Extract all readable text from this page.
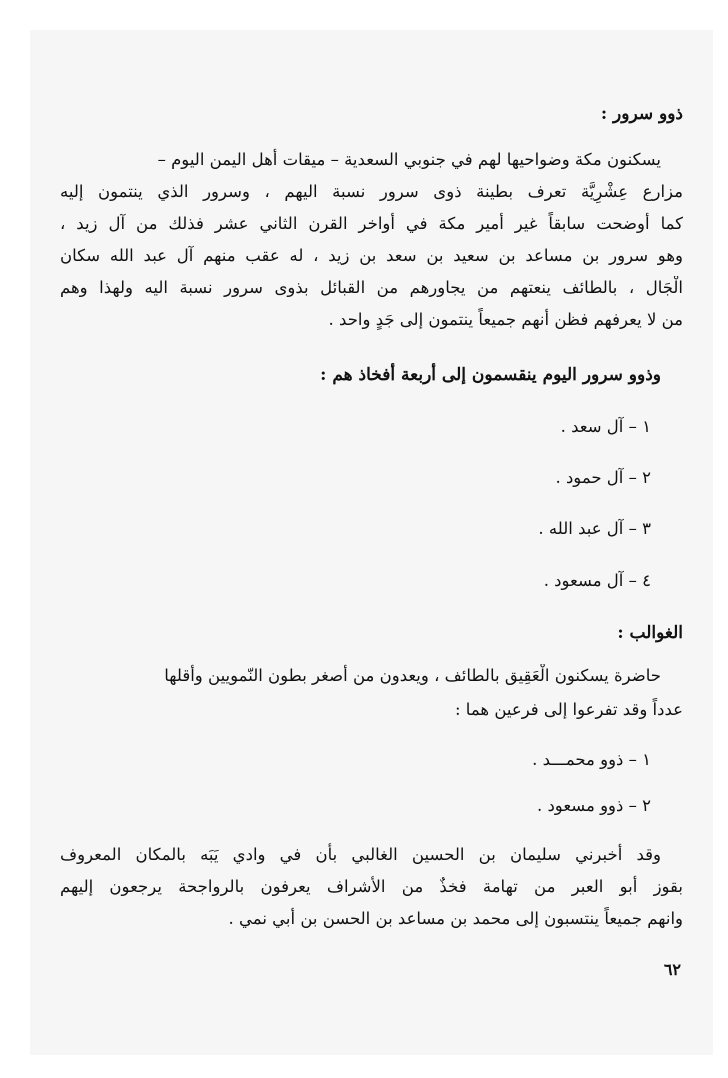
ذوو سرور :
يسكنون مكة وضواحيها لهم في جنوبي السعدية – ميقات أهل اليمن اليوم –
مزارع عِشْرِيَّة تعرف بطينة ذوى سرور نسبة اليهم ، وسرور الذي ينتمون إليه
كما أوضحت سابقاً غير أمير مكة في أواخر القرن الثاني عشر فذلك من آل زيد ،
وهو سرور بن مساعد بن سعيد بن سعد بن زيد ، له عقب منهم آل عبد الله سكان
الْجَال ، بالطائف ينعتهم من يجاورهم من القبائل بذوى سرور نسبة اليه ولهذا وهم
من لا يعرفهم فظن أنهم جميعاً ينتمون إلى جَدٍ واحد .
وذوو سرور اليوم ينقسمون إلى أربعة أفخاذ هم :
١ – آل سعد .
٢ – آل حمود .
٣ – آل عبد الله .
٤ – آل مسعود .
الغوالب :
حاضرة يسكنون الْعَقِيق بالطائف ، ويعدون من أصغر بطون النّمويين وأقلها
عدداً وقد تفرعوا إلى فرعين هما :
١ – ذوو محمـــد .
٢ – ذوو مسعود .
وقد أخبرني سليمان بن الحسين الغالبي بأن في وادي يَبَه بالمكان المعروف
بقوز أبو العبر من تهامة فخذٌ من الأشراف يعرفون بالرواجحة يرجعون إليهم
وانهم جميعاً ينتسبون إلى محمد بن مساعد بن الحسن بن أبي نمي .
٦٢
